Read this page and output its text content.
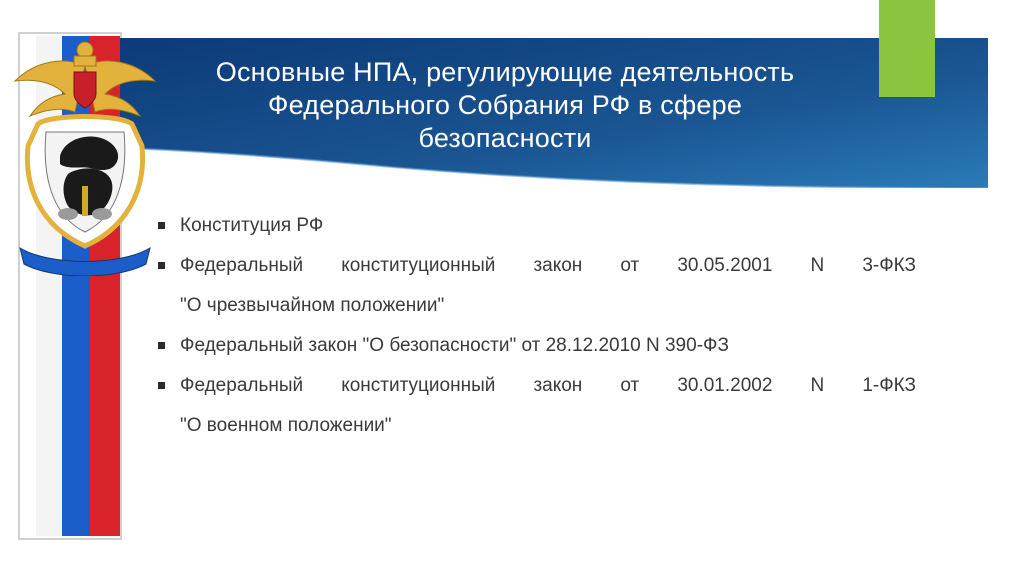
Основные НПА, регулирующие деятельность
Федерального Собрания РФ в сфере
безопасности
Конституция РФ
Федеральный конституционный закон от 30.05.2001 N 3-ФКЗ
"О чрезвычайном положении"
Федеральный закон "О безопасности" от 28.12.2010 N 390-ФЗ
Федеральный конституционный закон от 30.01.2002 N 1-ФКЗ
"О военном положении"
